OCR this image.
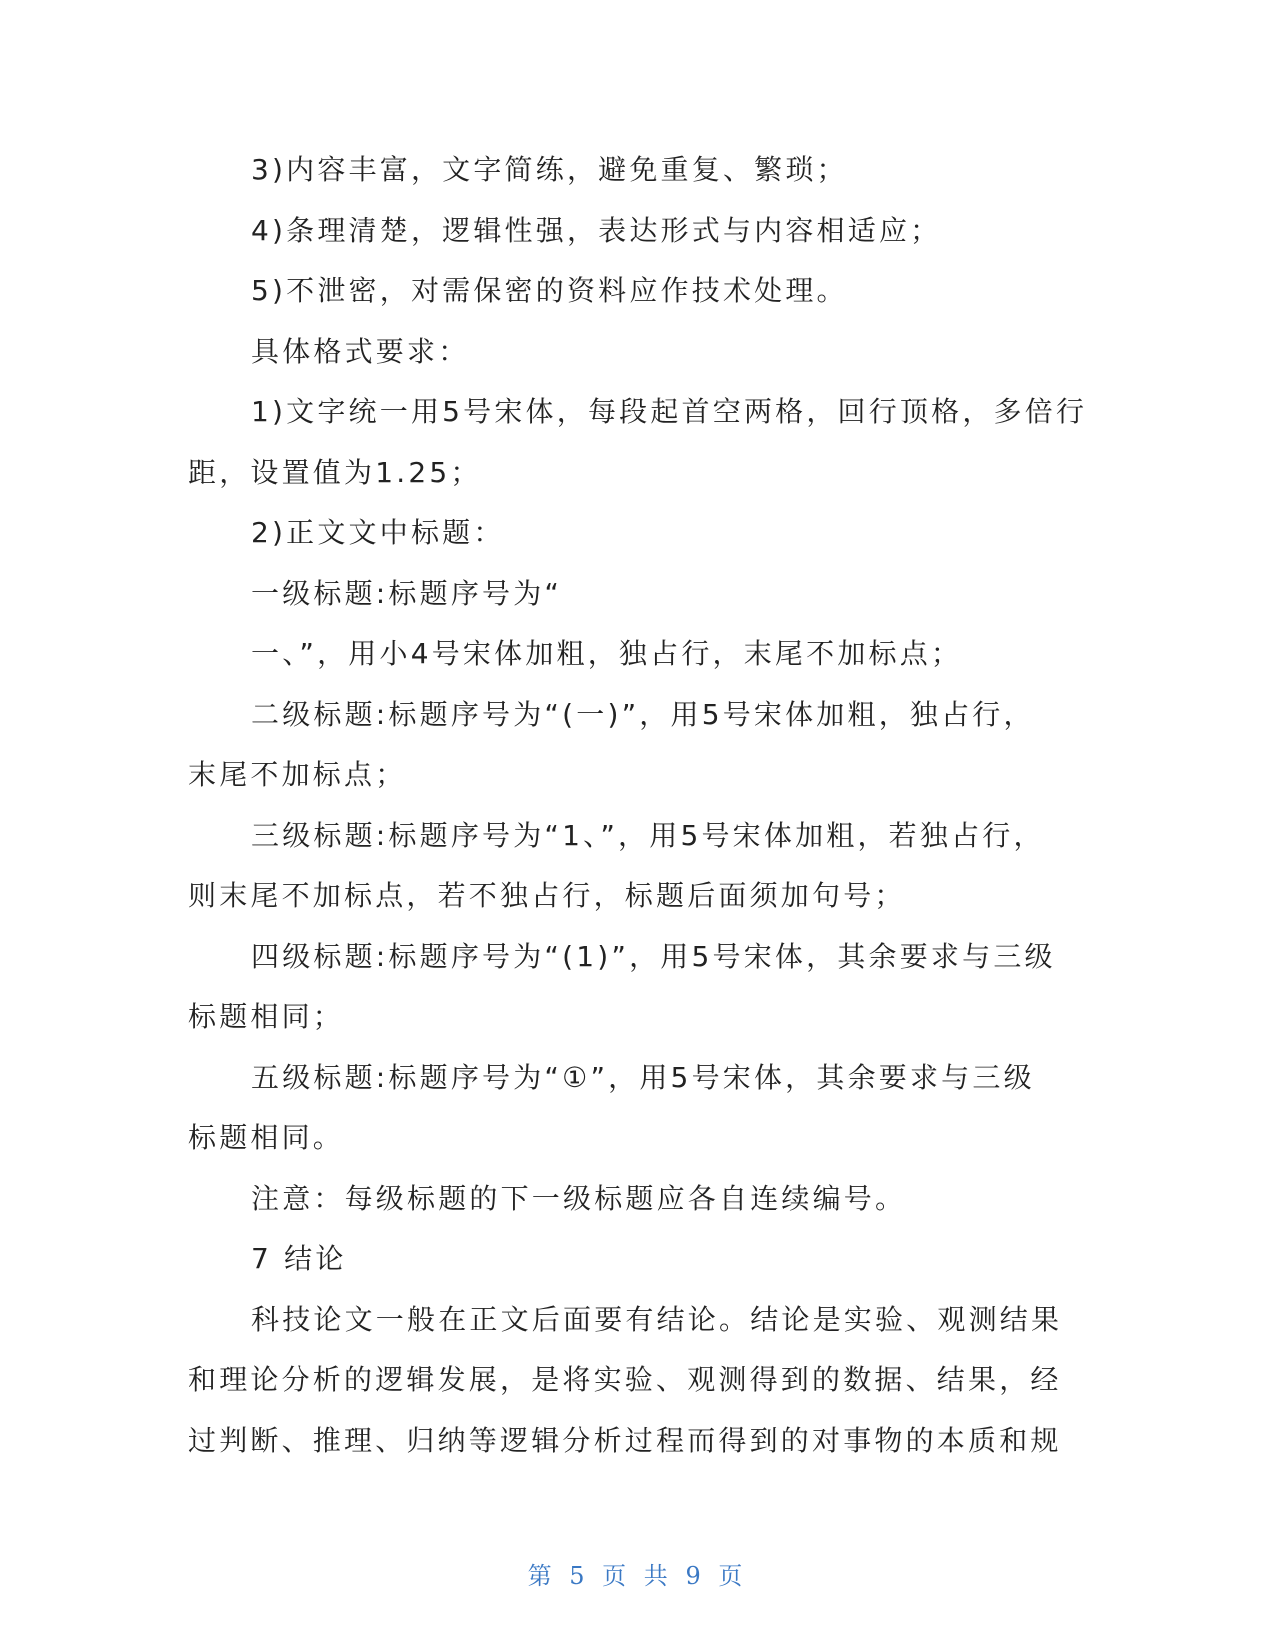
3)内容丰富，文字简练，避免重复、繁琐；

4)条理清楚，逻辑性强，表达形式与内容相适应；

5)不泄密，对需保密的资料应作技术处理。

具体格式要求：

1)文字统一用5号宋体，每段起首空两格，回行顶格，多倍行

距，设置值为1.25；

2)正文文中标题：

一级标题:标题序号为“

一、”，用小4号宋体加粗，独占行，末尾不加标点；

二级标题:标题序号为“(一)”，用5号宋体加粗，独占行，

末尾不加标点；

三级标题:标题序号为“1、”，用5号宋体加粗，若独占行，

则末尾不加标点，若不独占行，标题后面须加句号；

四级标题:标题序号为“(1)”，用5号宋体，其余要求与三级

标题相同；

五级标题:标题序号为“①”，用5号宋体，其余要求与三级

标题相同。

注意：每级标题的下一级标题应各自连续编号。

7 结论

科技论文一般在正文后面要有结论。结论是实验、观测结果

和理论分析的逻辑发展，是将实验、观测得到的数据、结果，经

过判断、推理、归纳等逻辑分析过程而得到的对事物的本质和规

第 5 页 共 9 页
